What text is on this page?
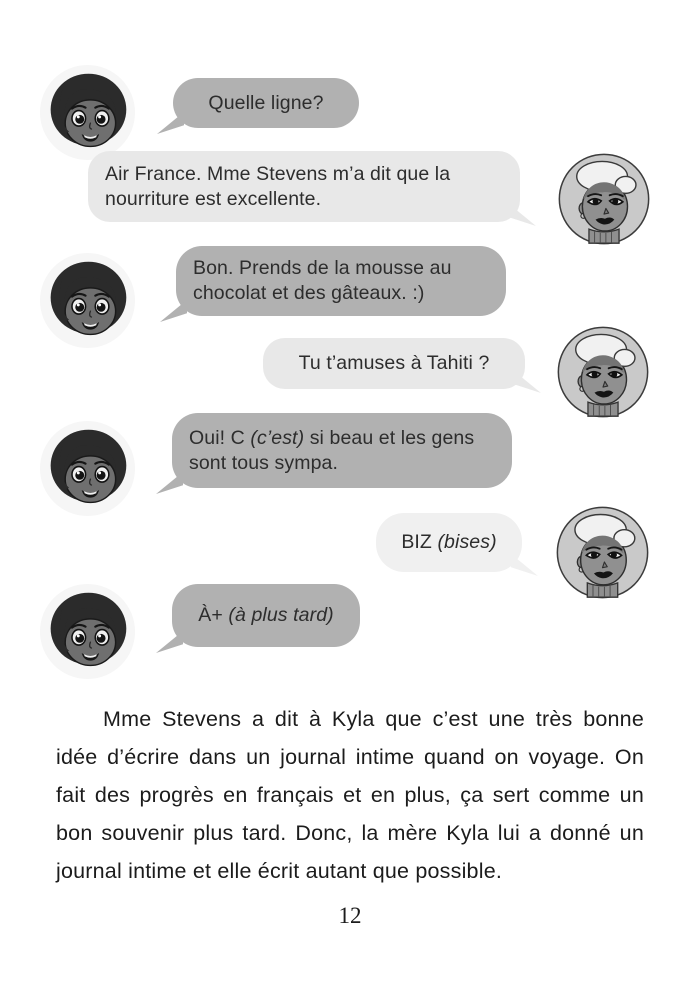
Quelle ligne?
Air France. Mme Stevens m’a dit que la nourriture est excellente.
Bon. Prends de la mousse au chocolat et des gâteaux. :)
Tu t’amuses à Tahiti ?
Oui! C (c’est) si beau et les gens sont tous sympa.
BIZ (bises)
À+ (à plus tard)

Mme Stevens a dit à Kyla que c’est une très bonne idée d’écrire dans un journal intime quand on voyage. On fait des progrès en français et en plus, ça sert comme un bon souvenir plus tard. Donc, la mère Kyla lui a donné un journal intime et elle écrit autant que possible.

12
